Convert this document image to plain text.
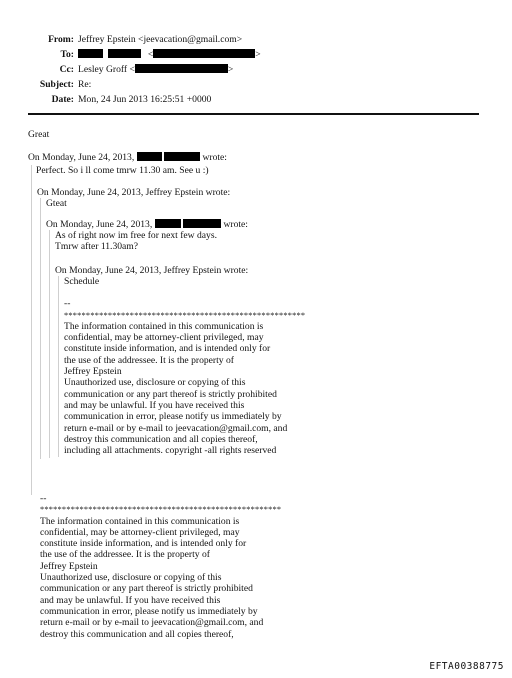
From: Jeffrey Epstein <jeevacation@gmail.com>
To:	<	>
Cc: Lesley Groff <	>
Subject: Re:
Date: Mon, 24 Jun 2013 16:25:51 +0000
Great
On Monday, June 24, 2013,	wrote:
Perfect. So i ll come tmrw 11.30 am. See u :)
On Monday, June 24, 2013, Jeffrey Epstein wrote:
Gteat
On Monday, June 24, 2013,	wrote:
As of right now im free for next few days.
Tmrw after 11.30am?
On Monday, June 24, 2013, Jeffrey Epstein wrote:
Schedule
--
*******************************************************
The information contained in this communication is
confidential, may be attorney-client privileged, may
constitute inside information, and is intended only for
the use of the addressee. It is the property of
Jeffrey Epstein
Unauthorized use, disclosure or copying of this
communication or any part thereof is strictly prohibited
and may be unlawful. If you have received this
communication in error, please notify us immediately by
return e-mail or by e-mail to jeevacation@gmail.com, and
destroy this communication and all copies thereof,
including all attachments. copyright -all rights reserved
--
*******************************************************
The information contained in this communication is
confidential, may be attorney-client privileged, may
constitute inside information, and is intended only for
the use of the addressee. It is the property of
Jeffrey Epstein
Unauthorized use, disclosure or copying of this
communication or any part thereof is strictly prohibited
and may be unlawful. If you have received this
communication in error, please notify us immediately by
return e-mail or by e-mail to jeevacation@gmail.com, and
destroy this communication and all copies thereof,
EFTA00388775
